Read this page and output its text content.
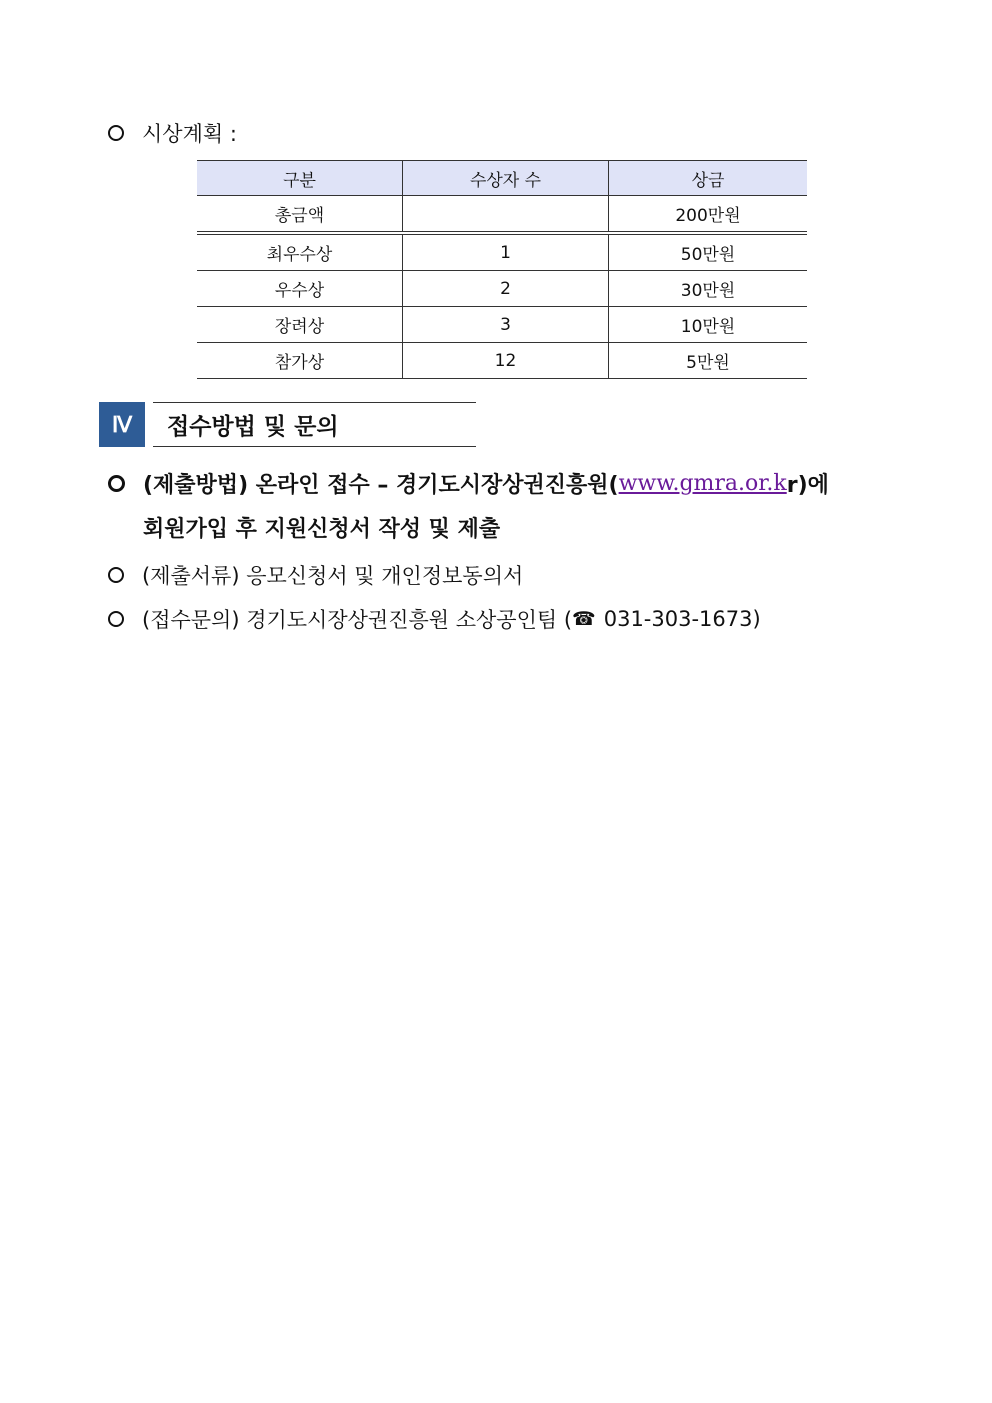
시상계획 :
구분	수상자 수	상금
총금액		200만원
최우수상	1	50만원
우수상	2	30만원
장려상	3	10만원
참가상	12	5만원
Ⅳ	접수방법 및 문의
(제출방법) 온라인 접수 – 경기도시장상권진흥원( www.gmra.or.k r)에
회원가입 후 지원신청서 작성 및 제출
(제출서류) 응모신청서 및 개인정보동의서
(접수문의) 경기도시장상권진흥원 소상공인팀 ( ☎ 031-303-1673)
